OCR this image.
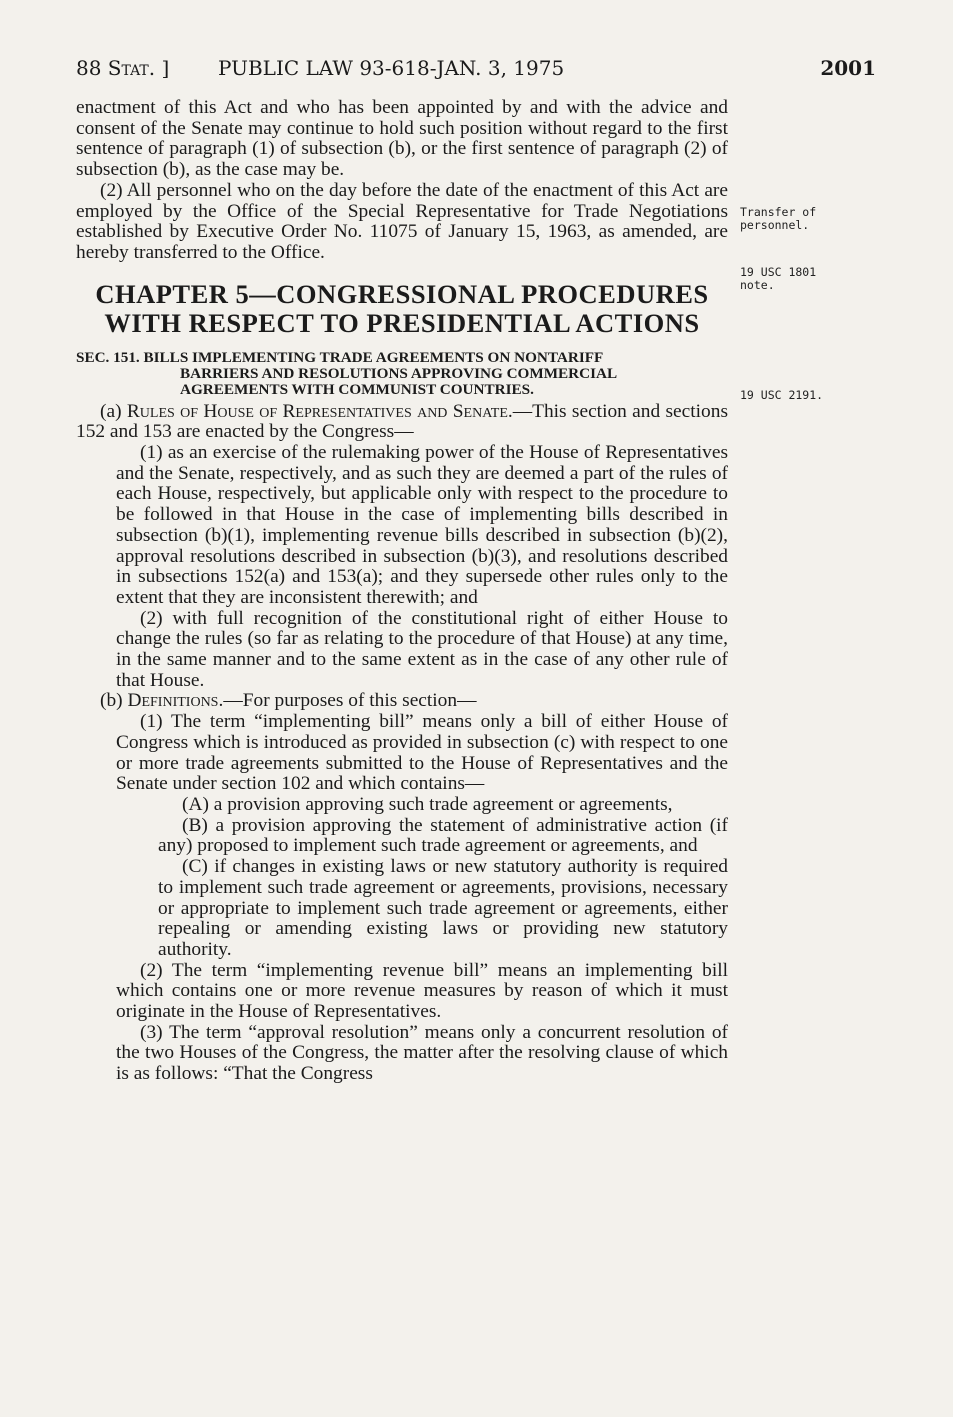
88 Stat. ] PUBLIC LAW 93-618-JAN. 3, 1975	2001
Transfer of personnel.
19 USC 1801 note.
19 USC 2191.

enactment of this Act and who has been appointed by and with the advice and consent of the Senate may continue to hold such position without regard to the first sentence of paragraph (1) of subsection (b), or the first sentence of paragraph (2) of subsection (b), as the case may be.

(2) All personnel who on the day before the date of the enactment of this Act are employed by the Office of the Special Representative for Trade Negotiations established by Executive Order No. 11075 of January 15, 1963, as amended, are hereby transferred to the Office.

CHAPTER 5—CONGRESSIONAL PROCEDURES WITH RESPECT TO PRESIDENTIAL ACTIONS
SEC. 151. BILLS IMPLEMENTING TRADE AGREEMENTS ON NONTARIFF
BARRIERS AND RESOLUTIONS APPROVING COMMERCIAL
AGREEMENTS WITH COMMUNIST COUNTRIES.

(a) Rules of House of Representatives and Senate.—This section and sections 152 and 153 are enacted by the Congress—

(1) as an exercise of the rulemaking power of the House of Representatives and the Senate, respectively, and as such they are deemed a part of the rules of each House, respectively, but applicable only with respect to the procedure to be followed in that House in the case of implementing bills described in subsection (b)(1), implementing revenue bills described in subsection (b)(2), approval resolutions described in subsection (b)(3), and resolutions described in subsections 152(a) and 153(a); and they supersede other rules only to the extent that they are inconsistent therewith; and

(2) with full recognition of the constitutional right of either House to change the rules (so far as relating to the procedure of that House) at any time, in the same manner and to the same extent as in the case of any other rule of that House.

(b) Definitions.—For purposes of this section—

(1) The term “implementing bill” means only a bill of either House of Congress which is introduced as provided in subsection (c) with respect to one or more trade agreements submitted to the House of Representatives and the Senate under section 102 and which contains—

(A) a provision approving such trade agreement or agreements,

(B) a provision approving the statement of administrative action (if any) proposed to implement such trade agreement or agreements, and

(C) if changes in existing laws or new statutory authority is required to implement such trade agreement or agreements, provisions, necessary or appropriate to implement such trade agreement or agreements, either repealing or amending existing laws or providing new statutory authority.

(2) The term “implementing revenue bill” means an implementing bill which contains one or more revenue measures by reason of which it must originate in the House of Representatives.

(3) The term “approval resolution” means only a concurrent resolution of the two Houses of the Congress, the matter after the resolving clause of which is as follows: “That the Congress
